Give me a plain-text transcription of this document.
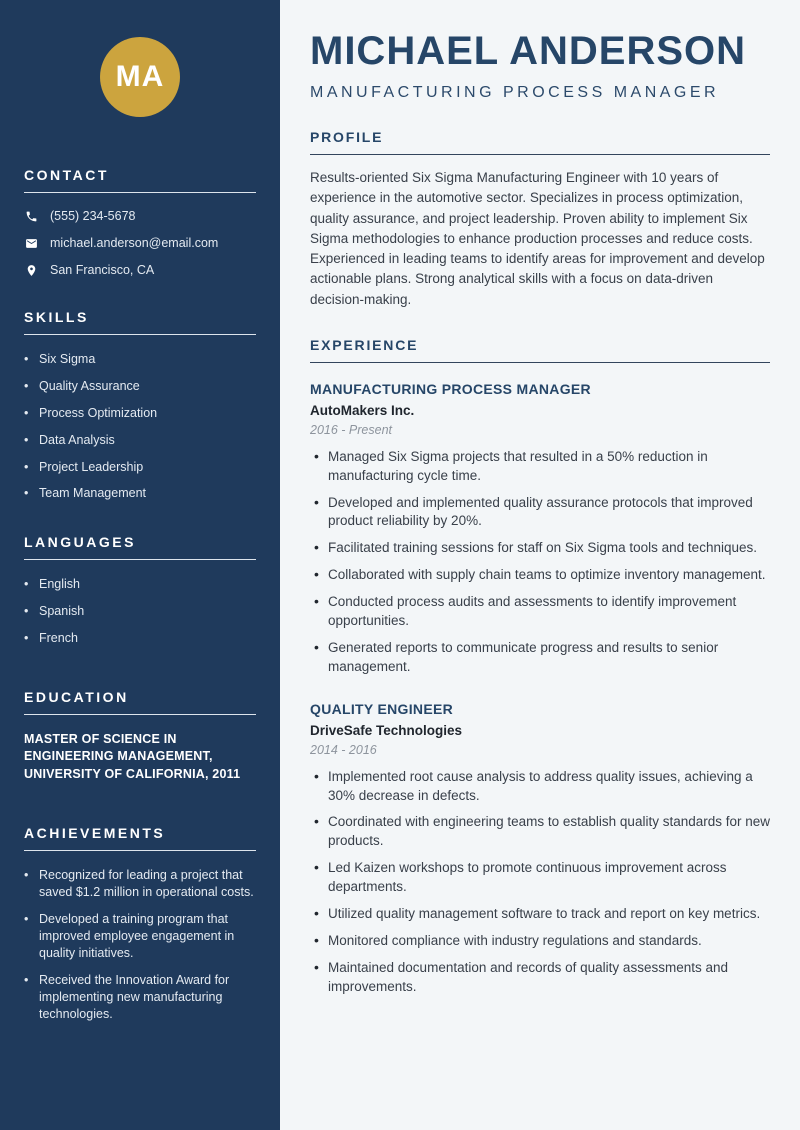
MA
CONTACT
(555) 234-5678
michael.anderson@email.com
San Francisco, CA
SKILLS
• Six Sigma
• Quality Assurance
• Process Optimization
• Data Analysis
• Project Leadership
• Team Management
LANGUAGES
• English
• Spanish
• French
EDUCATION

MASTER OF SCIENCE IN ENGINEERING MANAGEMENT, UNIVERSITY OF CALIFORNIA, 2011

ACHIEVEMENTS
• Recognized for leading a project that saved $1.2 million in operational costs.
• Developed a training program that improved employee engagement in quality initiatives.
• Received the Innovation Award for implementing new manufacturing technologies.
MICHAEL ANDERSON
MANUFACTURING PROCESS MANAGER
PROFILE

Results-oriented Six Sigma Manufacturing Engineer with 10 years of experience in the automotive sector. Specializes in process optimization, quality assurance, and project leadership. Proven ability to implement Six Sigma methodologies to enhance production processes and reduce costs. Experienced in leading teams to identify areas for improvement and develop actionable plans. Strong analytical skills with a focus on data-driven decision-making.

EXPERIENCE
MANUFACTURING PROCESS MANAGER
AutoMakers Inc.
2016 - Present
• Managed Six Sigma projects that resulted in a 50% reduction in manufacturing cycle time.
• Developed and implemented quality assurance protocols that improved product reliability by 20%.
• Facilitated training sessions for staff on Six Sigma tools and techniques.
• Collaborated with supply chain teams to optimize inventory management.
• Conducted process audits and assessments to identify improvement opportunities.
• Generated reports to communicate progress and results to senior management.
QUALITY ENGINEER
DriveSafe Technologies
2014 - 2016
• Implemented root cause analysis to address quality issues, achieving a 30% decrease in defects.
• Coordinated with engineering teams to establish quality standards for new products.
• Led Kaizen workshops to promote continuous improvement across departments.
• Utilized quality management software to track and report on key metrics.
• Monitored compliance with industry regulations and standards.
• Maintained documentation and records of quality assessments and improvements.
